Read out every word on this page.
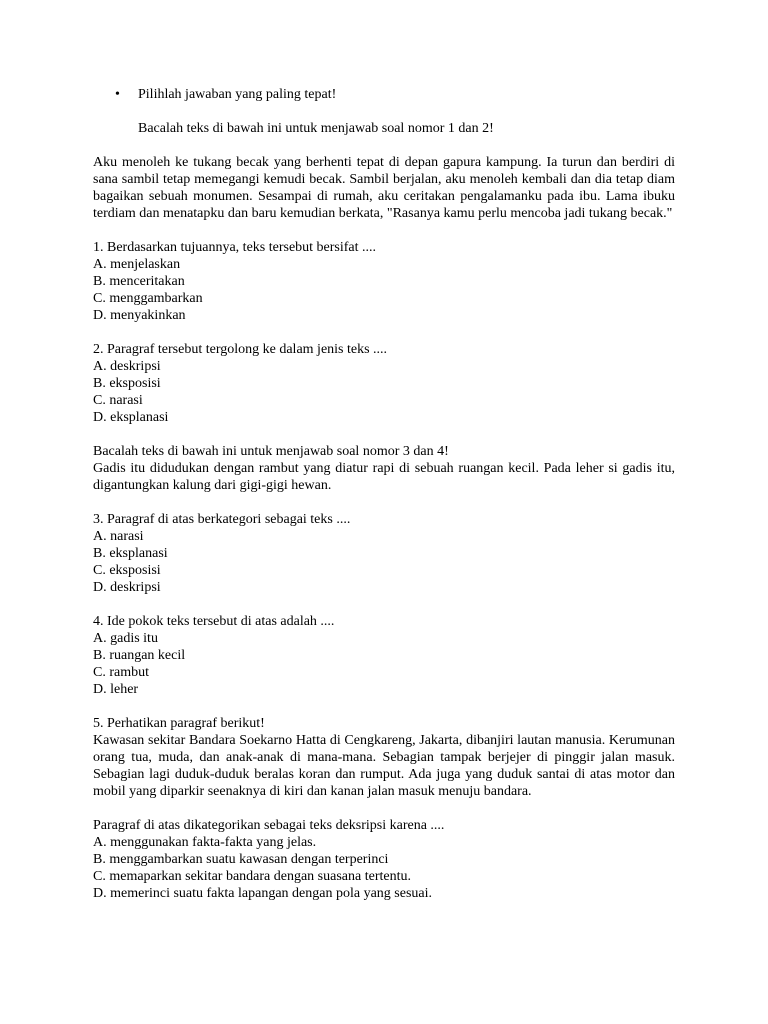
• Pilihlah jawaban yang paling tepat!

Bacalah teks di bawah ini untuk menjawab soal nomor 1 dan 2!

Aku menoleh ke tukang becak yang berhenti tepat di depan gapura kampung. Ia turun dan berdiri di sana sambil tetap memegangi kemudi becak. Sambil berjalan, aku menoleh kembali dan dia tetap diam bagaikan sebuah monumen. Sesampai di rumah, aku ceritakan pengalamanku pada ibu. Lama ibuku terdiam dan menatapku dan baru kemudian berkata, "Rasanya kamu perlu mencoba jadi tukang becak."

1. Berdasarkan tujuannya, teks tersebut bersifat ....

A. menjelaskan
B. menceritakan
C. menggambarkan
D. menyakinkan

2. Paragraf tersebut tergolong ke dalam jenis teks ....

A. deskripsi
B. eksposisi
C. narasi
D. eksplanasi

Bacalah teks di bawah ini untuk menjawab soal nomor 3 dan 4!

Gadis itu didudukan dengan rambut yang diatur rapi di sebuah ruangan kecil. Pada leher si gadis itu, digantungkan kalung dari gigi-gigi hewan.

3. Paragraf di atas berkategori sebagai teks ....

A. narasi
B. eksplanasi
C. eksposisi
D. deskripsi

4. Ide pokok teks tersebut di atas adalah ....

A. gadis itu
B. ruangan kecil
C. rambut
D. leher

5. Perhatikan paragraf berikut!

Kawasan sekitar Bandara Soekarno Hatta di Cengkareng, Jakarta, dibanjiri lautan manusia. Kerumunan orang tua, muda, dan anak-anak di mana-mana. Sebagian tampak berjejer di pinggir jalan masuk. Sebagian lagi duduk-duduk beralas koran dan rumput. Ada juga yang duduk santai di atas motor dan mobil yang diparkir seenaknya di kiri dan kanan jalan masuk menuju bandara.

Paragraf di atas dikategorikan sebagai teks deksripsi karena ....

A. menggunakan fakta-fakta yang jelas.
B. menggambarkan suatu kawasan dengan terperinci
C. memaparkan sekitar bandara dengan suasana tertentu.
D. memerinci suatu fakta lapangan dengan pola yang sesuai.
